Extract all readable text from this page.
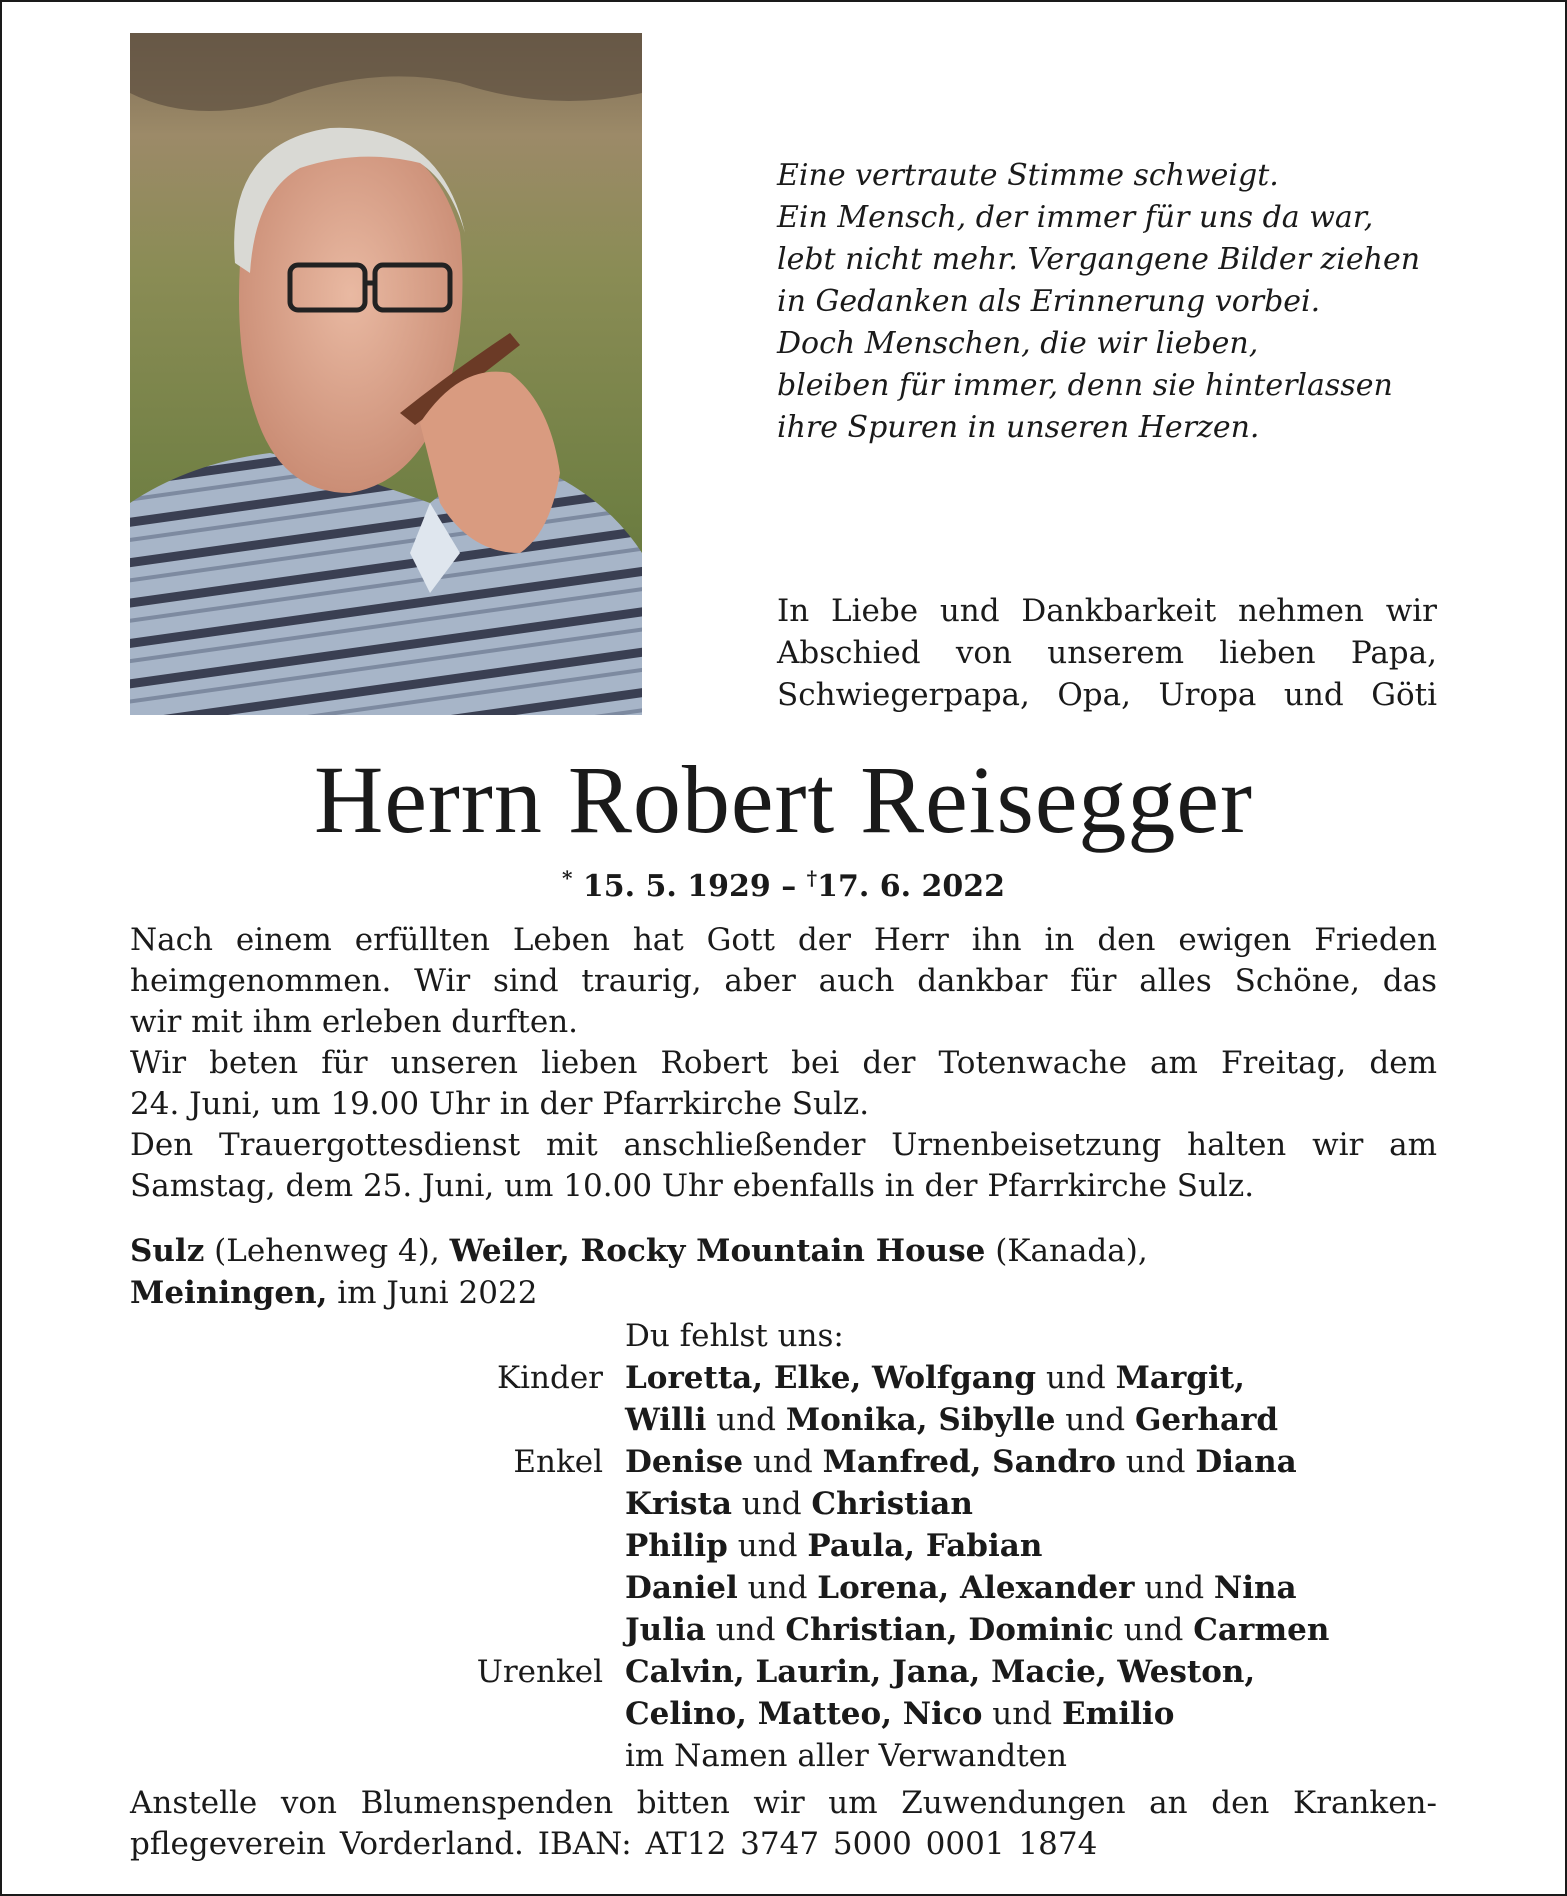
Eine vertraute Stimme schweigt.
Ein Mensch, der immer für uns da war,
lebt nicht mehr. Vergangene Bilder ziehen
in Gedanken als Erinnerung vorbei.
Doch Menschen, die wir lieben,
bleiben für immer, denn sie hinterlassen
ihre Spuren in unseren Herzen.
In Liebe und Dankbarkeit nehmen wir
Abschied von unserem lieben Papa,
Schwiegerpapa, Opa, Uropa und Göti
Herrn Robert Reisegger
* 15. 5. 1929 – †17. 6. 2022
Nach einem erfüllten Leben hat Gott der Herr ihn in den ewigen Frieden
heimgenommen. Wir sind traurig, aber auch dankbar für alles Schöne, das
wir mit ihm erleben durften.
Wir beten für unseren lieben Robert bei der Totenwache am Freitag, dem
24. Juni, um 19.00 Uhr in der Pfarrkirche Sulz.
Den Trauergottesdienst mit anschließender Urnenbeisetzung halten wir am
Samstag, dem 25. Juni, um 10.00 Uhr ebenfalls in der Pfarrkirche Sulz.
Sulz (Lehenweg 4), Weiler, Rocky Mountain House (Kanada),
Meiningen, im Juni 2022
Du fehlst uns:
Kinder Loretta, Elke, Wolfgang und Margit,
Willi und Monika, Sibylle und Gerhard
Enkel Denise und Manfred, Sandro und Diana
Krista und Christian
Philip und Paula, Fabian
Daniel und Lorena, Alexander und Nina
Julia und Christian, Dominic und Carmen
Urenkel Calvin, Laurin, Jana, Macie, Weston,
Celino, Matteo, Nico und Emilio
im Namen aller Verwandten
Anstelle von Blumenspenden bitten wir um Zuwendungen an den Kranken-
pflegeverein Vorderland. IBAN: AT12 3747 5000 0001 1874
